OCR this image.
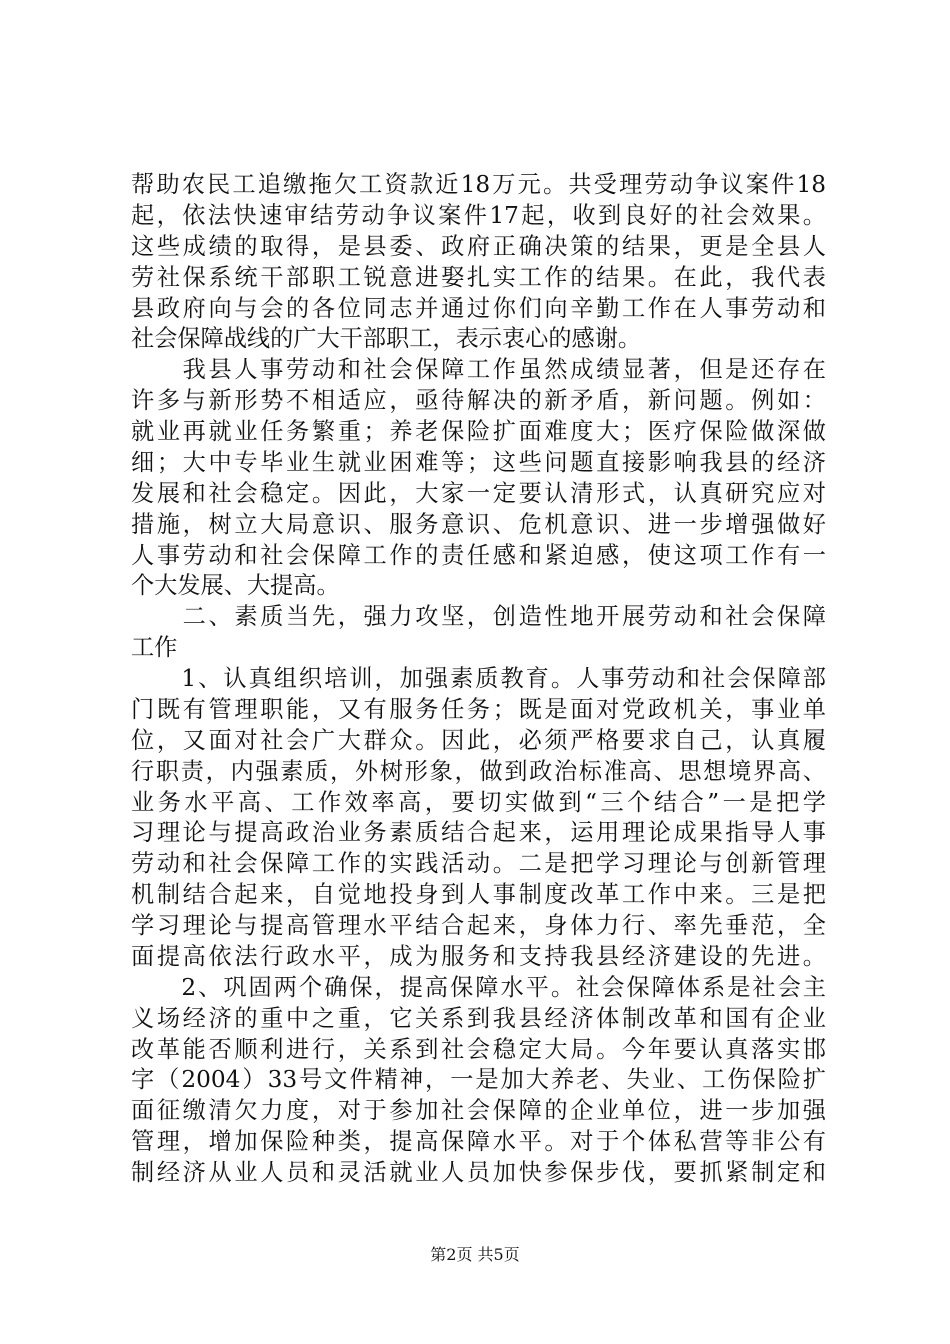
帮助农民工追缴拖欠工资款近18万元。共受理劳动争议案件18
起，依法快速审结劳动争议案件17起，收到良好的社会效果。
这些成绩的取得，是县委、政府正确决策的结果，更是全县人
劳社保系统干部职工锐意进娶扎实工作的结果。在此，我代表
县政府向与会的各位同志并通过你们向辛勤工作在人事劳动和
社会保障战线的广大干部职工，表示衷心的感谢。
　　我县人事劳动和社会保障工作虽然成绩显著，但是还存在
许多与新形势不相适应，亟待解决的新矛盾，新问题。例如：
就业再就业任务繁重；养老保险扩面难度大；医疗保险做深做
细；大中专毕业生就业困难等；这些问题直接影响我县的经济
发展和社会稳定。因此，大家一定要认清形式，认真研究应对
措施，树立大局意识、服务意识、危机意识、进一步增强做好
人事劳动和社会保障工作的责任感和紧迫感，使这项工作有一
个大发展、大提高。
　　二、素质当先，强力攻坚，创造性地开展劳动和社会保障
工作
　　1、认真组织培训，加强素质教育。人事劳动和社会保障部
门既有管理职能，又有服务任务；既是面对党政机关，事业单
位，又面对社会广大群众。因此，必须严格要求自己，认真履
行职责，内强素质，外树形象，做到政治标准高、思想境界高、
业务水平高、工作效率高，要切实做到“三个结合”一是把学
习理论与提高政治业务素质结合起来，运用理论成果指导人事
劳动和社会保障工作的实践活动。二是把学习理论与创新管理
机制结合起来，自觉地投身到人事制度改革工作中来。三是把
学习理论与提高管理水平结合起来，身体力行、率先垂范，全
面提高依法行政水平，成为服务和支持我县经济建设的先进。
　　2、巩固两个确保，提高保障水平。社会保障体系是社会主
义场经济的重中之重，它关系到我县经济体制改革和国有企业
改革能否顺利进行，关系到社会稳定大局。今年要认真落实邯
字（2004）33号文件精神，一是加大养老、失业、工伤保险扩
面征缴清欠力度，对于参加社会保障的企业单位，进一步加强
管理，增加保险种类，提高保障水平。对于个体私营等非公有
制经济从业人员和灵活就业人员加快参保步伐，要抓紧制定和
第2页 共5页
